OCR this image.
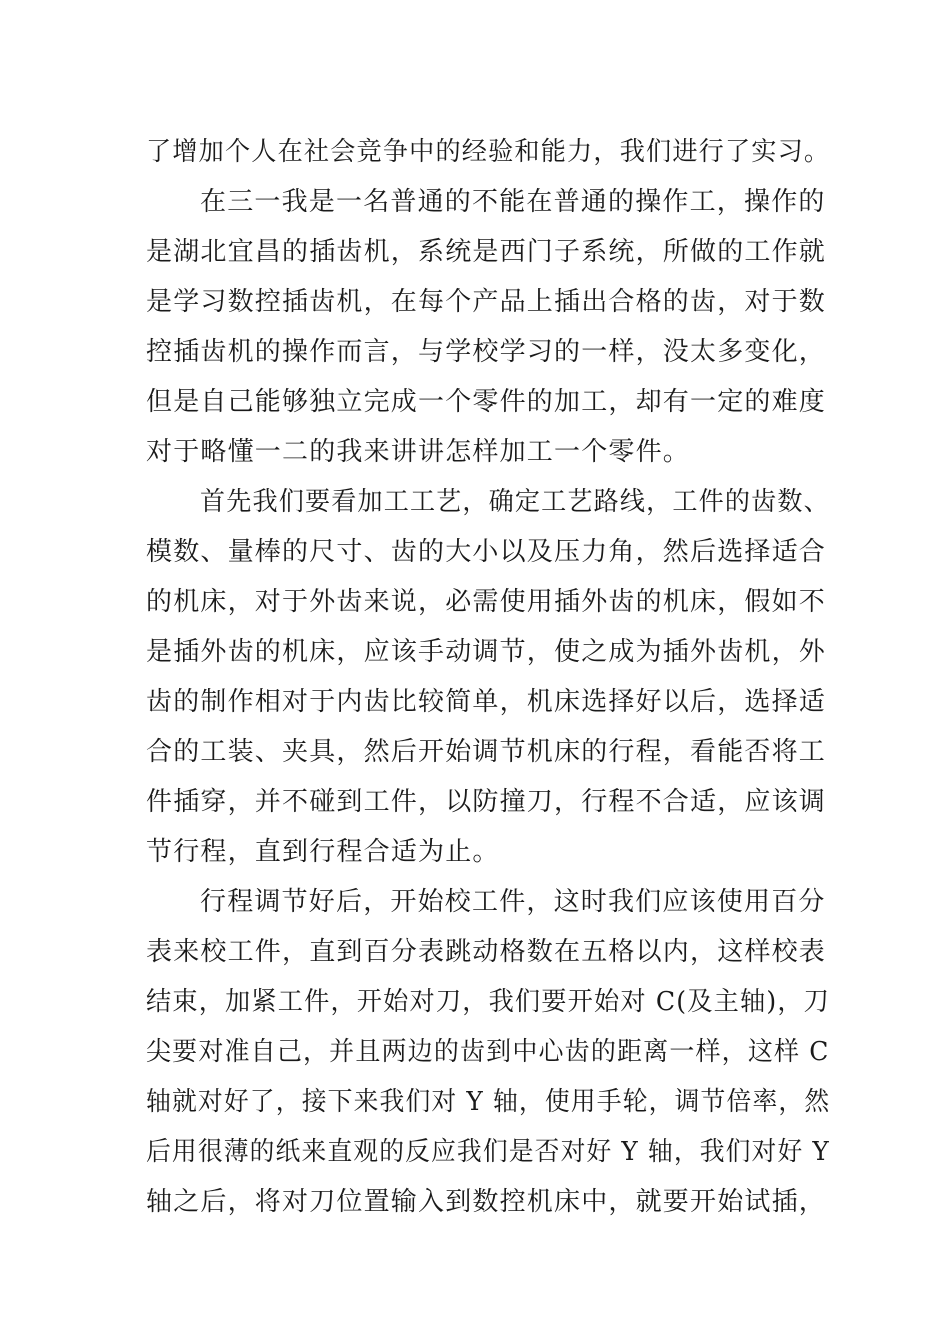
了增加个人在社会竞争中的经验和能力，我们进行了实习。
在三一我是一名普通的不能在普通的操作工，操作的
是湖北宜昌的插齿机，系统是西门子系统，所做的工作就
是学习数控插齿机，在每个产品上插出合格的齿，对于数
控插齿机的操作而言，与学校学习的一样，没太多变化，
但是自己能够独立完成一个零件的加工，却有一定的难度
对于略懂一二的我来讲讲怎样加工一个零件。
首先我们要看加工工艺，确定工艺路线，工件的齿数、
模数、量棒的尺寸、齿的大小以及压力角，然后选择适合
的机床，对于外齿来说，必需使用插外齿的机床，假如不
是插外齿的机床，应该手动调节，使之成为插外齿机，外
齿的制作相对于内齿比较简单，机床选择好以后，选择适
合的工装、夹具，然后开始调节机床的行程，看能否将工
件插穿，并不碰到工件，以防撞刀，行程不合适，应该调
节行程，直到行程合适为止。
行程调节好后，开始校工件，这时我们应该使用百分
表来校工件，直到百分表跳动格数在五格以内，这样校表
结束，加紧工件，开始对刀，我们要开始对 C(及主轴)，刀
尖要对准自己，并且两边的齿到中心齿的距离一样，这样 C
轴就对好了，接下来我们对 Y 轴，使用手轮，调节倍率，然
后用很薄的纸来直观的反应我们是否对好 Y 轴，我们对好 Y
轴之后，将对刀位置输入到数控机床中，就要开始试插，
